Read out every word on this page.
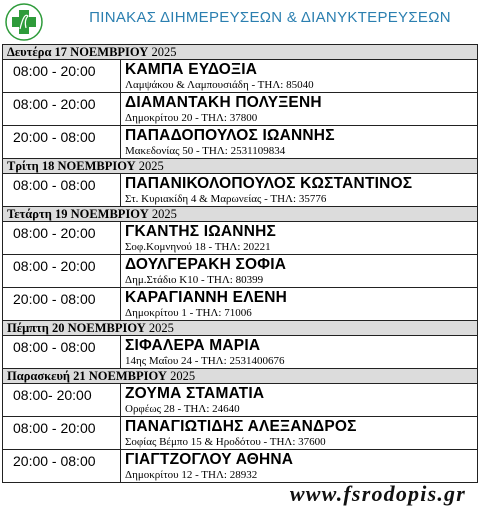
ΠΙΝΑΚΑΣ ΔΙΗΜΕΡΕΥΣΕΩΝ & ΔΙΑΝΥΚΤΕΡΕΥΣΕΩΝ
Δευτέρα 17 ΝΟΕΜΒΡΙΟΥ 2025
08:00 - 20:00	ΚΑΜΠΑ ΕΥΔΟΞΙΑ
Λαμψάκου & Λαμπουσιάδη - ΤΗΛ: 85040
08:00 - 20:00	ΔΙΑΜΑΝΤΑΚΗ ΠΟΛΥΞΕΝΗ
Δημοκρίτου 20 - ΤΗΛ: 37800
20:00 - 08:00	ΠΑΠΑΔΟΠΟΥΛΟΣ ΙΩΑΝΝΗΣ
Μακεδονίας 50 - ΤΗΛ: 2531109834
Τρίτη 18 ΝΟΕΜΒΡΙΟΥ 2025
08:00 - 08:00	ΠΑΠΑΝΙΚΟΛΟΠΟΥΛΟΣ ΚΩΣΤΑΝΤΙΝΟΣ
Στ. Κυριακίδη 4 & Μαρωνείας - ΤΗΛ: 35776
Τετάρτη 19 ΝΟΕΜΒΡΙΟΥ 2025
08:00 - 20:00	ΓΚΑΝΤΗΣ ΙΩΑΝΝΗΣ
Σοφ.Κομνηνού 18 - ΤΗΛ: 20221
08:00 - 20:00	ΔΟΥΛΓΕΡΑΚΗ ΣΟΦΙΑ
Δημ.Στάδιο Κ10 - ΤΗΛ: 80399
20:00 - 08:00	ΚΑΡΑΓΙΑΝΝΗ ΕΛΕΝΗ
Δημοκρίτου 1 - ΤΗΛ: 71006
Πέμπτη 20 ΝΟΕΜΒΡΙΟΥ 2025
08:00 - 08:00	ΣΙΦΑΛΕΡΑ ΜΑΡΙΑ
14ης Μαΐου 24 - ΤΗΛ: 2531400676
Παρασκευή 21 ΝΟΕΜΒΡΙΟΥ 2025
08:00- 20:00	ΖΟΥΜΑ ΣΤΑΜΑΤΙΑ
Ορφέως 28 - ΤΗΛ: 24640
08:00 - 20:00	ΠΑΝΑΓΙΩΤΙΔΗΣ ΑΛΕΞΑΝΔΡΟΣ
Σοφίας Βέμπο 15 & Ηροδότου - ΤΗΛ: 37600
20:00 - 08:00	ΓΙΑΓΤΖΟΓΛΟΥ ΑΘΗΝΑ
Δημοκρίτου 12 - ΤΗΛ: 28932
www.fsrodopis.gr
